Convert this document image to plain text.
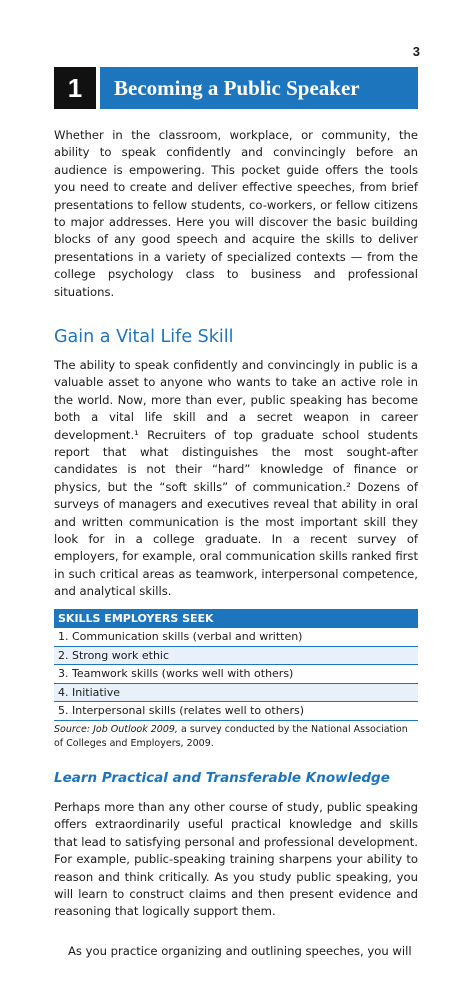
3
1	Becoming a Public Speaker

Whether in the classroom, workplace, or community, the ability to speak confidently and convincingly before an audience is empowering. This pocket guide offers the tools you need to create and deliver effective speeches, from brief presentations to fellow students, co-workers, or fellow citizens to major addresses. Here you will discover the basic building blocks of any good speech and acquire the skills to deliver presentations in a variety of specialized contexts — from the college psychology class to business and professional situations.

Gain a Vital Life Skill

The ability to speak confidently and convincingly in public is a valuable asset to anyone who wants to take an active role in the world. Now, more than ever, public speaking has become both a vital life skill and a secret weapon in career development.¹ Recruiters of top graduate school students report that what distinguishes the most sought-after candidates is not their “hard” knowledge of finance or physics, but the “soft skills” of communication.² Dozens of surveys of managers and executives reveal that ability in oral and written communication is the most important skill they look for in a college graduate. In a recent survey of employers, for example, oral communication skills ranked first in such critical areas as teamwork, interpersonal competence, and analytical skills.

SKILLS EMPLOYERS SEEK
1. Communication skills (verbal and written)
2. Strong work ethic
3. Teamwork skills (works well with others)
4. Initiative
5. Interpersonal skills (relates well to others)
Source: Job Outlook 2009, a survey conducted by the National Association of Colleges and Employers, 2009.
Learn Practical and Transferable Knowledge

Perhaps more than any other course of study, public speaking offers extraordinarily useful practical knowledge and skills that lead to satisfying personal and professional development. For example, public-speaking training sharpens your ability to reason and think critically. As you study public speaking, you will learn to construct claims and then present evidence and reasoning that logically support them.

As you practice organizing and outlining speeches, you will
